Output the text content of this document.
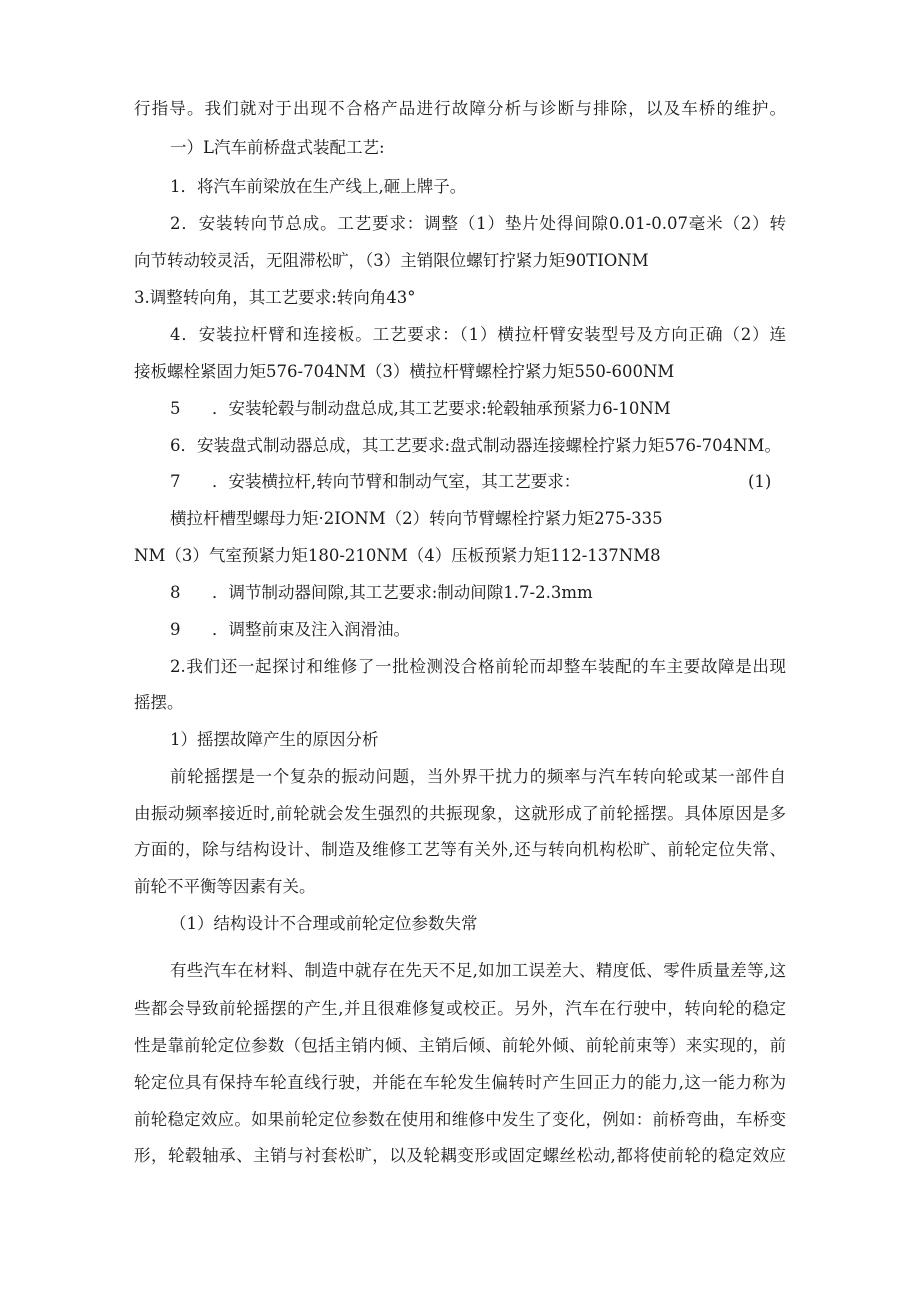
行指导。我们就对于出现不合格产品进行故障分析与诊断与排除，以及车桥的维护。
一）L汽车前桥盘式装配工艺:
1．将汽车前梁放在生产线上,砸上牌子。
2．安装转向节总成。工艺要求：调整（1）垫片处得间隙0.01-0.07毫米（2）转
向节转动较灵活，无阻滞松旷，（3）主销限位螺钉拧紧力矩90TIONM
3.调整转向角，其工艺要求:转向角43°
4．安装拉杆臂和连接板。工艺要求：（1）横拉杆臂安装型号及方向正确（2）连
接板螺栓紧固力矩576-704NM（3）横拉杆臂螺栓拧紧力矩550-600NM
5 ．安装轮毂与制动盘总成,其工艺要求:轮毂轴承预紧力6-10NM
6．安装盘式制动器总成，其工艺要求:盘式制动器连接螺栓拧紧力矩576-704NM。
7 ．安装横拉杆,转向节臂和制动气室，其工艺要求：	(1)
横拉杆槽型螺母力矩·2IONM（2）转向节臂螺栓拧紧力矩275-335
NM（3）气室预紧力矩180-210NM（4）压板预紧力矩112-137NM8
8 ．调节制动器间隙,其工艺要求:制动间隙1.7-2.3mm
9 ．调整前束及注入润滑油。
2.我们还一起探讨和维修了一批检测没合格前轮而却整车装配的车主要故障是出现
摇摆。
1）摇摆故障产生的原因分析
前轮摇摆是一个复杂的振动问题，当外界干扰力的频率与汽车转向轮或某一部件自
由振动频率接近时,前轮就会发生强烈的共振现象，这就形成了前轮摇摆。具体原因是多
方面的，除与结构设计、制造及维修工艺等有关外,还与转向机构松旷、前轮定位失常、
前轮不平衡等因素有关。
（1）结构设计不合理或前轮定位参数失常
有些汽车在材料、制造中就存在先天不足,如加工误差大、精度低、零件质量差等,这
些都会导致前轮摇摆的产生,并且很难修复或校正。另外，汽车在行驶中，转向轮的稳定
性是靠前轮定位参数（包括主销内倾、主销后倾、前轮外倾、前轮前束等）来实现的，前
轮定位具有保持车轮直线行驶，并能在车轮发生偏转时产生回正力的能力,这一能力称为
前轮稳定效应。如果前轮定位参数在使用和维修中发生了变化，例如：前桥弯曲，车桥变
形，轮毂轴承、主销与衬套松旷，以及轮耦变形或固定螺丝松动,都将使前轮的稳定效应
